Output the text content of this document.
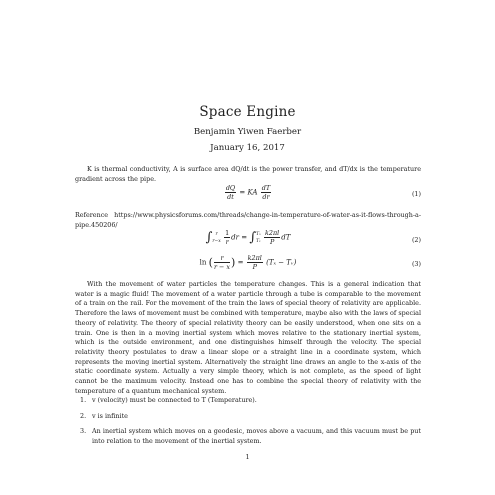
Space Engine
Benjamin Yiwen Faerber
January 16, 2017
K is thermal conductivity, A is surface area dQ/dt is the power transfer, and dT/dx is the temperature gradient across the pipe.
$\frac{dQ}{dt}$ = KA $\frac{dT}{dr}$	(1)
Reference https://www.physicsforums.com/threads/change-in-temperature-of-water-as-it-flows-through-a-pipe.450206/
∫ r
r−x
$\frac{1}{r}$ dr = ∫ Tₓ
Tᵥ
$\frac{k2\pi l}{P}$ dT	(2)
ln ( $\frac{r}{r - x}$ ) = $\frac{k2\pi l}{P} (T_x$ − Tᵥ)	(3)
With the movement of water particles the temperature changes. This is a general indication that water is a magic fluid! The movement of a water particle through a tube is comparable to the movement of a train on the rail. For the movement of the train the laws of special theory of relativity are applicable. Therefore the laws of movement must be combined with temperature, maybe also with the laws of special theory of relativity. The theory of special relativity theory can be easily understood, when one sits on a train. One is then in a moving inertial system which moves relative to the stationary inertial system, which is the outside environment, and one distinguishes himself through the velocity. The special relativity theory postulates to draw a linear slope or a straight line in a coordinate system, which represents the moving inertial system. Alternatively the straight line draws an angle to the x-axis of the static coordinate system. Actually a very simple theory, which is not complete, as the speed of light cannot be the maximum velocity. Instead one has to combine the special theory of relativity with the temperature of a quantum mechanical system.
1. v (velocity) must be connected to T (Temperature).
2. v is infinite
3. An inertial system which moves on a geodesic, moves above a vacuum, and this vacuum must be put into relation to the movement of the inertial system.
1
